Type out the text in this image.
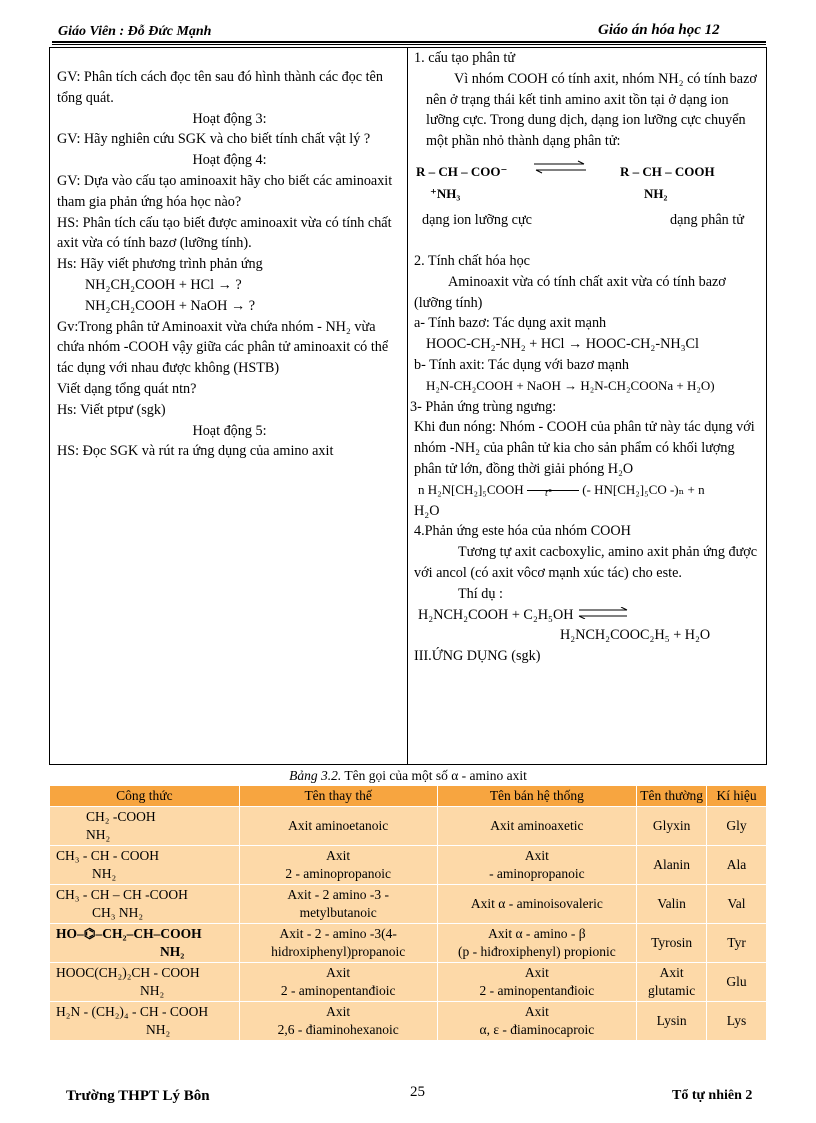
Giáo Viên : Đỗ Đức Mạnh	Giáo án hóa học 12

GV: Phân tích cách đọc tên sau đó hình thành các đọc tên tổng quát.

Hoạt động 3:

GV: Hãy nghiên cứu SGK và cho biết tính chất vật lý ?

Hoạt động 4:

GV: Dựa vào cấu tạo aminoaxit hãy cho biết các aminoaxit tham gia phản ứng hóa học nào?

HS: Phân tích cấu tạo biết được aminoaxit vừa có tính chất axit vừa có tính bazơ (lưỡng tính).

Hs: Hãy viết phương trình phản ứng

NH₂CH₂COOH + HCl → ?

NH₂CH₂COOH + NaOH → ?

Gv:Trong phân tử Aminoaxit vừa chứa nhóm - NH₂ vừa chứa nhóm -COOH vậy giữa các phân tử aminoaxit có thể tác dụng với nhau được không (HSTB)

Viết dạng tổng quát ntn?

Hs: Viết ptpư (sgk)

Hoạt động 5:

HS: Đọc SGK và rút ra ứng dụng của amino axit

1. cấu tạo phân tử

Vì nhóm COOH có tính axit, nhóm NH₂ có tính bazơ nên ở trạng thái kết tinh amino axit tồn tại ở dạng ion lưỡng cực. Trong dung dịch, dạng ion lưỡng cực chuyển một phần nhỏ thành dạng phân tử:

R – CH – COO⁻
⁺NH₃
R – CH – COOH
NH₂

dạng ion lưỡng cực	dạng phân tử

2. Tính chất hóa học

Aminoaxit vừa có tính chất axit vừa có tính bazơ (lưỡng tính)

a- Tính bazơ: Tác dụng axit mạnh

HOOC-CH₂-NH₂ + HCl → HOOC-CH₂-NH₃Cl

b- Tính axit: Tác dụng với bazơ mạnh

H₂N-CH₂COOH + NaOH → H₂N-CH₂COONa + H₂O)

3- Phản ứng trùng ngưng:

Khi đun nóng: Nhóm - COOH của phân tử này tác dụng với nhóm -NH₂ của phân tử kia cho sản phẩm có khối lượng phân tử lớn, đồng thời giải phóng H₂O

n H₂N[CH₂]₅COOH t° (- HN[CH₂]₅CO -)ₙ + n

H₂O

4.Phản ứng este hóa của nhóm COOH

Tương tự axit cacboxylic, amino axit phản ứng được với ancol (có axit vôcơ mạnh xúc tác) cho este.

Thí dụ :

H₂NCH₂COOH + C₂H₅OH ⇌

H₂NCH₂COOC₂H₅ + H₂O

III.ỨNG DỤNG (sgk)

Bảng 3.2. Tên gọi của một số α - amino axit
Công thức	Tên thay thế	Tên bán hệ thống	Tên thường	Kí hiệu

CH₂ -COOH
NH₂	Axit aminoetanoic	Axit aminoaxetic	Glyxin	Gly

CH₃ - CH - COOH
NH₂	Axit
2 - aminopropanoic	Axit
- aminopropanoic	Alanin	Ala

CH₃ - CH – CH -COOH
CH₃ NH₂	Axit - 2 amino -3 -
metylbutanoic	Axit α - aminoisovaleric	Valin	Val

HO–⌬–CH₂–CH–COOH
NH₂	Axit - 2 - amino -3(4-
hidroxiphenyl)propanoic	Axit α - amino - β
(p - hiđroxiphenyl) propionic	Tyrosin	Tyr

HOOC(CH₂)₂CH - COOH
NH₂	Axit
2 - aminopentanđioic	Axit
2 - aminopentanđioic	Axit glutamic	Glu

H₂N - (CH₂)₄ - CH - COOH
NH₂	Axit
2,6 - điaminohexanoic	Axit
α, ε - điaminocaproic	Lysin	Lys
Trường THPT Lý Bôn	25	Tổ tự nhiên 2
